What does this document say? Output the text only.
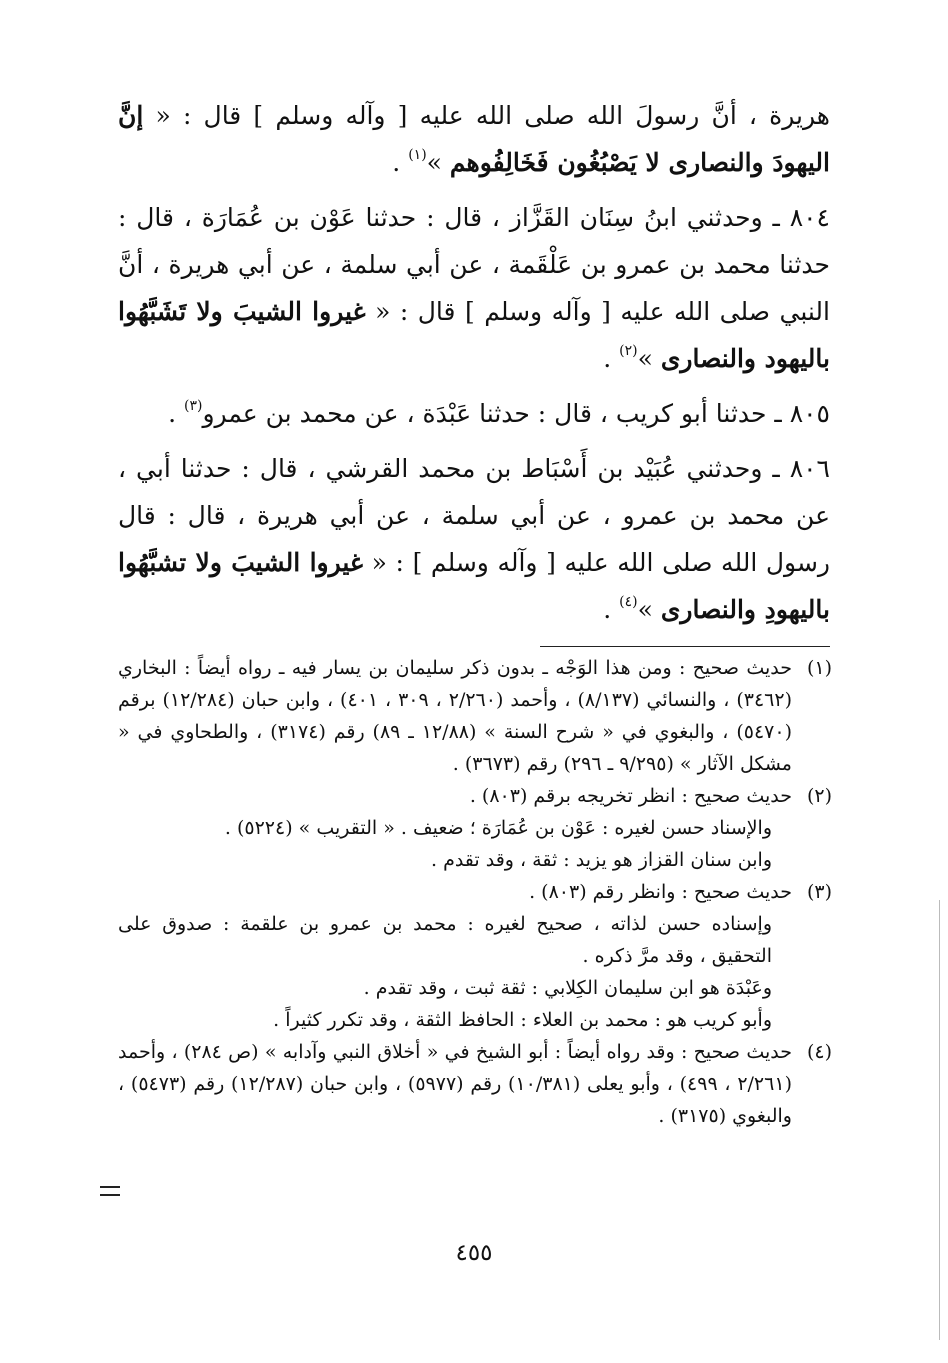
هريرة ، أنَّ رسولَ الله صلى الله عليه [ وآله وسلم ] قال : « إنَّ اليهودَ والنصارى لا يَصْبُغُون فَخَالِفُوهم »$^{(١)}$ .

٨٠٤ ـ وحدثني ابنُ سِنَان القَزَّاز ، قال : حدثنا عَوْن بن عُمَارَة ، قال : حدثنا محمد بن عمرو بن عَلْقَمة ، عن أبي سلمة ، عن أبي هريرة ، أنَّ النبي صلى الله عليه [ وآله وسلم ] قال : « غيروا الشيبَ ولا تَشَبَّهُوا باليهود والنصارى »$^{(٢)}$ .

٨٠٥ ـ حدثنا أبو كريب ، قال : حدثنا عَبْدَة ، عن محمد بن عمرو$^{(٣)}$ .

٨٠٦ ـ وحدثني عُبَيْد بن أَسْبَاط بن محمد القرشي ، قال : حدثنا أبي ، عن محمد بن عمرو ، عن أبي سلمة ، عن أبي هريرة ، قال : قال رسول الله صلى الله عليه [ وآله وسلم ] : « غيروا الشيبَ ولا تشبَّهُوا باليهودِ والنصارى »$^{(٤)}$ .

(١)

حديث صحيح : ومن هذا الوَجْه ـ بدون ذكر سليمان بن يسار فيه ـ رواه أيضاً : البخاري (٣٤٦٢) ، والنسائي (٨/١٣٧) ، وأحمد (٢/٢٦٠ ، ٣٠٩ ، ٤٠١) ، وابن حبان (١٢/٢٨٤) برقم (٥٤٧٠) ، والبغوي في « شرح السنة » (١٢/٨٨ ـ ٨٩) رقم (٣١٧٤) ، والطحاوي في « مشكل الآثار » (٩/٢٩٥ ـ ٢٩٦) رقم (٣٦٧٣) .

(٢)

حديث صحيح : انظر تخريجه برقم (٨٠٣) .

والإسناد حسن لغيره : عَوْن بن عُمَارَة ؛ ضعيف . « التقريب » (٥٢٢٤) .

وابن سنان القزاز هو يزيد : ثقة ، وقد تقدم .

(٣)

حديث صحيح : وانظر رقم (٨٠٣) .

وإسناده حسن لذاته ، صحيح لغيره : محمد بن عمرو بن علقمة : صدوق على التحقيق ، وقد مرَّ ذكره .

وعَبْدَة هو ابن سليمان الكِلابي : ثقة ثبت ، وقد تقدم .

وأبو كريب هو : محمد بن العلاء : الحافظ الثقة ، وقد تكرر كثيراً .

(٤)

حديث صحيح : وقد رواه أيضاً : أبو الشيخ في « أخلاق النبي وآدابه » (ص ٢٨٤) ، وأحمد (٢/٢٦١ ، ٤٩٩) ، وأبو يعلى (١٠/٣٨١) رقم (٥٩٧٧) ، وابن حبان (١٢/٢٨٧) رقم (٥٤٧٣) ، والبغوي (٣١٧٥) .

٤٥٥
